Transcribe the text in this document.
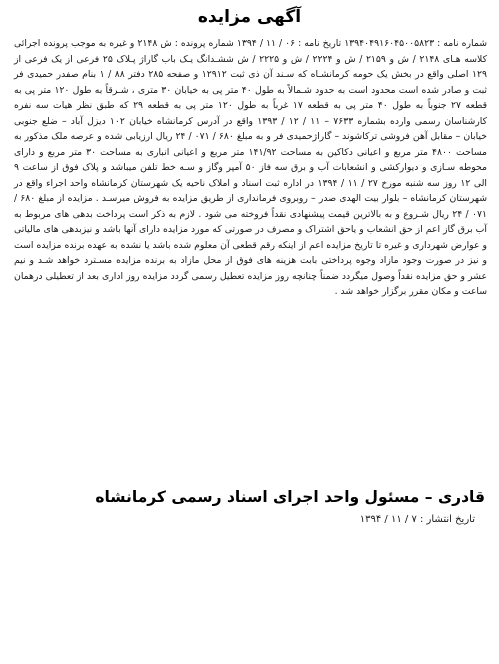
آگهی مزایده

شماره نامه : ۱۳۹۴۰۴۹۱۶۰۴۵۰۰۵۸۲۳ تاریخ نامه : ۰۶ / ۱۱ / ۱۳۹۴ شماره پرونده : ش ۲۱۴۸ و غیره به موجب پرونده اجرائی کلاسه هـای ۲۱۴۸ / ش و ۲۱۵۹ / ش و ۲۲۲۴ / ش و ۲۲۲۵ / ش ششـدانگ یـک باب گاراژ پـلاک ۲۵ فرعی از یک فرعی از ۱۲۹ اصلی واقع در بخش یک حومه کرمانشـاه که سـند آن ذی ثبت ۱۲۹۱۲ و صفحه ۲۸۵ دفتر ۸۸ / ۱ بنام صفدر حمیدی فر ثبت و صادر شده است محدود است به حدود شـمالاً به طول ۴۰ متر پی به خیابان ۳۰ متری ، شـرقاً به طول ۱۲۰ متر پی به قطعه ۲۷ جنوباً به طول ۴۰ متر پی به قطعه ۱۷ غرباً به طول ۱۲۰ متر پی به قطعه ۲۹ که طبق نظر هیات سه نفره کارشناسان رسمی وارده بشماره ۷۶۳۳ – ۱۱ / ۱۲ / ۱۳۹۳ واقع در آدرس کرمانشاه خیابان ۱۰۲ دیزل آباد – ضلع جنوبی خیابان – مقابل آهن فروشی ترکاشوند – گاراژحمیدی فر و به مبلغ ۶۸۰ / ۰۷۱ / ۲۴ ریال ارزیابی شده و عرصه ملک مذکور به مساحت ۴۸۰۰ متر مربع و اعیانی دکاکین به مساحت ۱۴۱/۹۲ متر مربع و اعیانی انباری به مساحت ۳۰ متر مربع و دارای محوطه سـازی و دیوارکشی و انشعابات آب و برق سه فاز ۵۰ آمپر وگاز و سـه خط تلفن میباشد و پلاک فوق از ساعت ۹ الی ۱۲ روز سه شنبه مورخ ۲۷ / ۱۱ / ۱۳۹۴ در اداره ثبت اسناد و املاک ناحیه یک شهرستان کرمانشاه واحد اجراء واقع در شهرستان کرمانشاه – بلوار بیت الهدی صدر – روبروی فرمانداری از طریق مزایده به فروش میرسـد . مزایده از مبلغ ۶۸۰ / ۰۷۱ / ۲۴ ریال شـروع و به بالاترین قیمت پیشنهادی نقداً فروخته می شود . لازم به ذکر است پرداخت بدهی های مربوط به آب برق گاز اعم از حق انشعاب و یاحق اشتراک و مصرف در صورتی که مورد مزایده دارای آنها باشد و نیزبدهی های مالیاتی و عوارض شهرداری و غیره تا تاریخ مزایده اعم از اینکه رقم قطعی آن معلوم شده باشد یا نشده به عهده برنده مزایده است و نیز در صورت وجود مازاد وجوه پرداختی بابت هزینه های فوق از محل مازاد به برنده مزایده مسـترد خواهد شـد و نیم عشر و حق مزایده نقداً وصول میگردد ضمناً چنانچه روز مزایده تعطیل رسمی گردد مزایده روز اداری بعد از تعطیلی درهمان ساعت و مکان مقرر برگزار خواهد شد .

قادری – مسئول واحد اجرای اسناد رسمی کرمانشاه
تاریخ انتشار : ۷ / ۱۱ / ۱۳۹۴
